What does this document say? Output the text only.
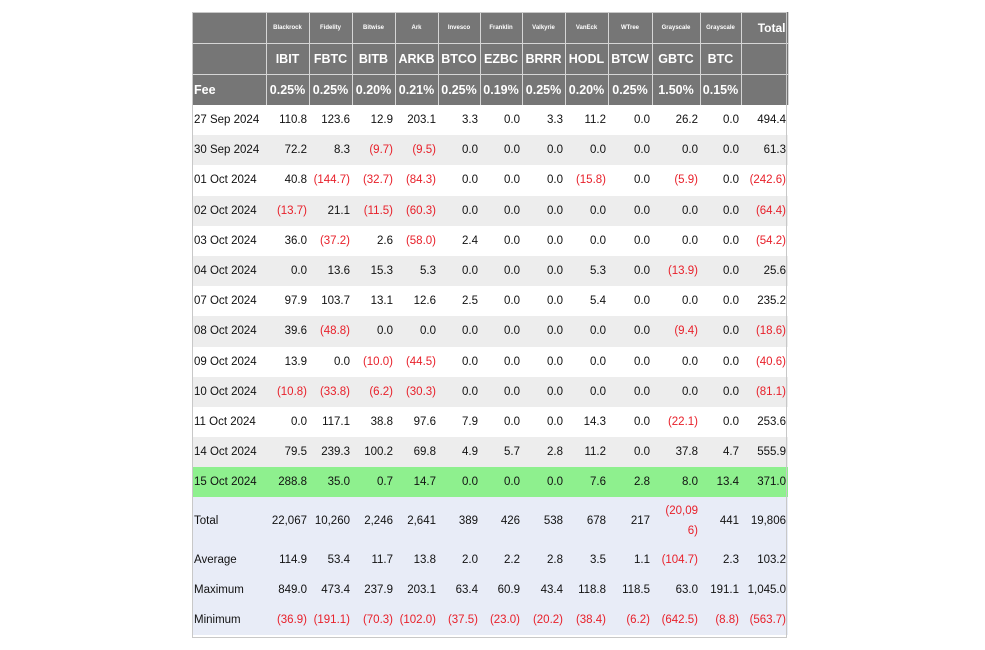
	Blackrock	Fidelity	Bitwise	Ark	Invesco	Franklin	Valkyrie	VanEck	WTree	Grayscale	Grayscale	Total
	IBIT	FBTC	BITB	ARKB	BTCO	EZBC	BRRR	HODL	BTCW	GBTC	BTC	
Fee	0.25%	0.25%	0.20%	0.21%	0.25%	0.19%	0.25%	0.20%	0.25%	1.50%	0.15%	
27 Sep 2024	110.8	123.6	12.9	203.1	3.3	0.0	3.3	11.2	0.0	26.2	0.0	494.4
30 Sep 2024	72.2	8.3	(9.7)	(9.5)	0.0	0.0	0.0	0.0	0.0	0.0	0.0	61.3
01 Oct 2024	40.8	(144.7)	(32.7)	(84.3)	0.0	0.0	0.0	(15.8)	0.0	(5.9)	0.0	(242.6)
02 Oct 2024	(13.7)	21.1	(11.5)	(60.3)	0.0	0.0	0.0	0.0	0.0	0.0	0.0	(64.4)
03 Oct 2024	36.0	(37.2)	2.6	(58.0)	2.4	0.0	0.0	0.0	0.0	0.0	0.0	(54.2)
04 Oct 2024	0.0	13.6	15.3	5.3	0.0	0.0	0.0	5.3	0.0	(13.9)	0.0	25.6
07 Oct 2024	97.9	103.7	13.1	12.6	2.5	0.0	0.0	5.4	0.0	0.0	0.0	235.2
08 Oct 2024	39.6	(48.8)	0.0	0.0	0.0	0.0	0.0	0.0	0.0	(9.4)	0.0	(18.6)
09 Oct 2024	13.9	0.0	(10.0)	(44.5)	0.0	0.0	0.0	0.0	0.0	0.0	0.0	(40.6)
10 Oct 2024	(10.8)	(33.8)	(6.2)	(30.3)	0.0	0.0	0.0	0.0	0.0	0.0	0.0	(81.1)
11 Oct 2024	0.0	117.1	38.8	97.6	7.9	0.0	0.0	14.3	0.0	(22.1)	0.0	253.6
14 Oct 2024	79.5	239.3	100.2	69.8	4.9	5.7	2.8	11.2	0.0	37.8	4.7	555.9
15 Oct 2024	288.8	35.0	0.7	14.7	0.0	0.0	0.0	7.6	2.8	8.0	13.4	371.0
Total	22,067	10,260	2,246	2,641	389	426	538	678	217	(20,096)	441	19,806
Average	114.9	53.4	11.7	13.8	2.0	2.2	2.8	3.5	1.1	(104.7)	2.3	103.2
Maximum	849.0	473.4	237.9	203.1	63.4	60.9	43.4	118.8	118.5	63.0	191.1	1,045.0
Minimum	(36.9)	(191.1)	(70.3)	(102.0)	(37.5)	(23.0)	(20.2)	(38.4)	(6.2)	(642.5)	(8.8)	(563.7)
